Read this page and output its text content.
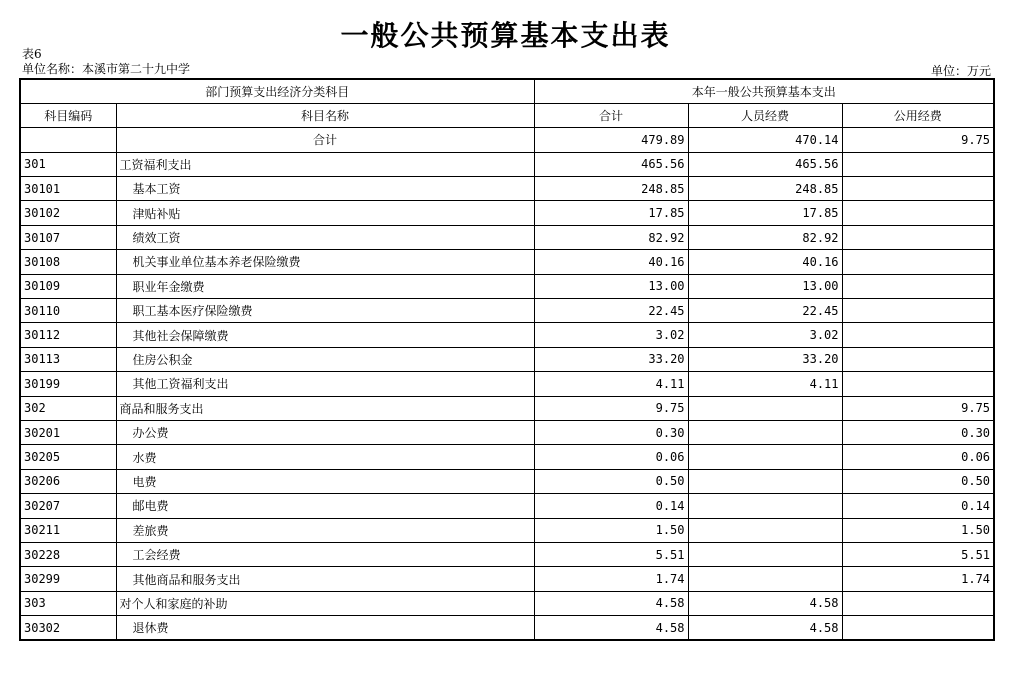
一般公共预算基本支出表
表6
单位名称：本溪市第二十九中学	单位：万元
部门预算支出经济分类科目		本年一般公共预算基本支出		
科目编码	科目名称	合计	人员经费	公用经费
	合计	479.89	470.14	9.75
301	工资福利支出	465.56	465.56	
30101	基本工资	248.85	248.85	
30102	津贴补贴	17.85	17.85	
30107	绩效工资	82.92	82.92	
30108	机关事业单位基本养老保险缴费	40.16	40.16	
30109	职业年金缴费	13.00	13.00	
30110	职工基本医疗保险缴费	22.45	22.45	
30112	其他社会保障缴费	3.02	3.02	
30113	住房公积金	33.20	33.20	
30199	其他工资福利支出	4.11	4.11	
302	商品和服务支出	9.75		9.75
30201	办公费	0.30		0.30
30205	水费	0.06		0.06
30206	电费	0.50		0.50
30207	邮电费	0.14		0.14
30211	差旅费	1.50		1.50
30228	工会经费	5.51		5.51
30299	其他商品和服务支出	1.74		1.74
303	对个人和家庭的补助	4.58	4.58	
30302	退休费	4.58	4.58	
